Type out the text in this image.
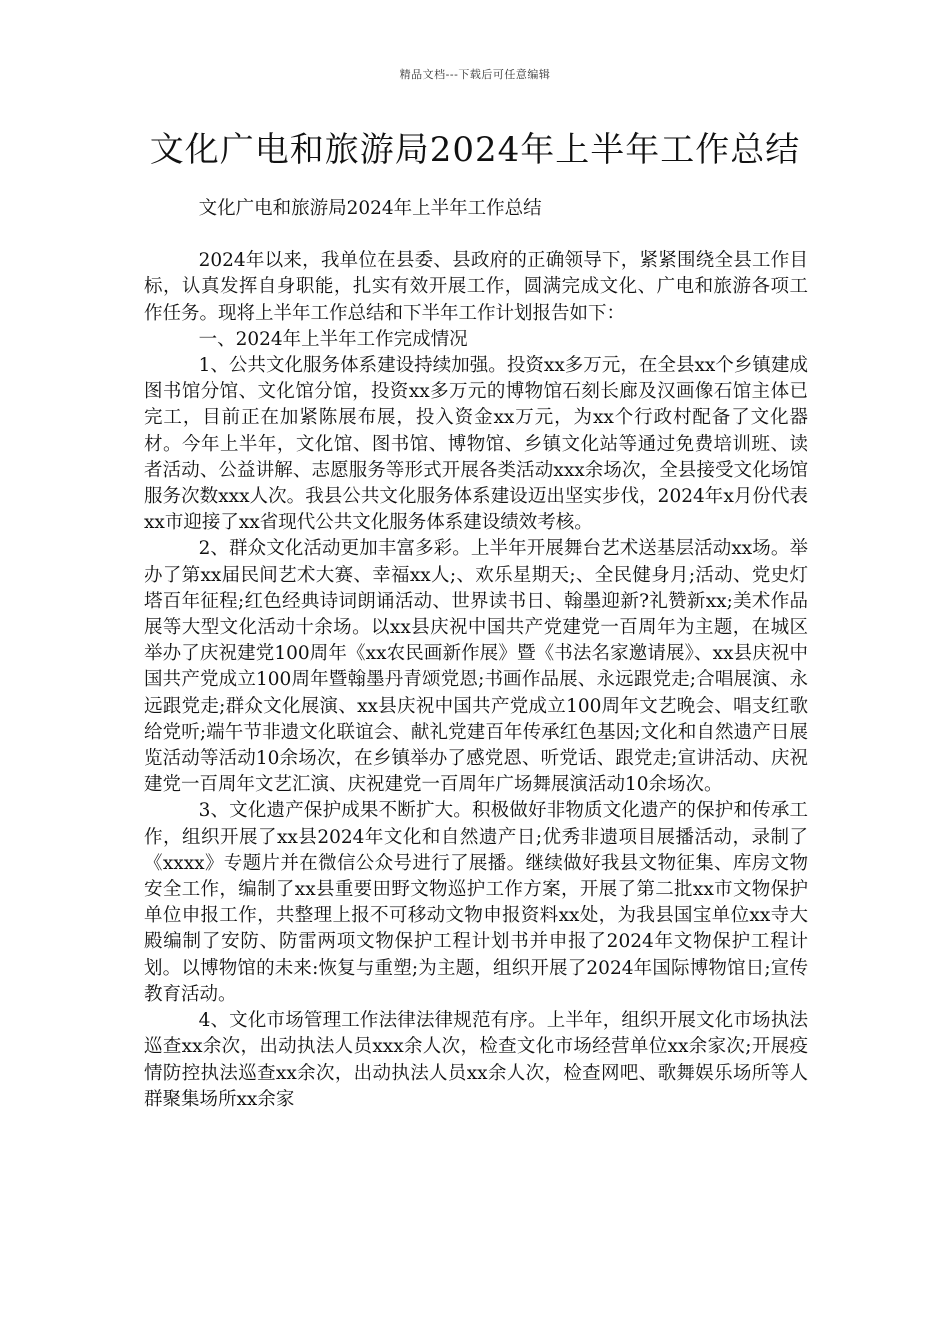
精品文档---下载后可任意编辑
文化广电和旅游局2024年上半年工作总结

文化广电和旅游局2024年上半年工作总结

2024年以来，我单位在县委、县政府的正确领导下，紧紧围绕全县工作目标，认真发挥自身职能，扎实有效开展工作，圆满完成文化、广电和旅游各项工作任务。现将上半年工作总结和下半年工作计划报告如下：

一、2024年上半年工作完成情况

1、公共文化服务体系建设持续加强。投资xx多万元，在全县xx个乡镇建成图书馆分馆、文化馆分馆，投资xx多万元的博物馆石刻长廊及汉画像石馆主体已完工，目前正在加紧陈展布展，投入资金xx万元，为xx个行政村配备了文化器材。今年上半年，文化馆、图书馆、博物馆、乡镇文化站等通过免费培训班、读者活动、公益讲解、志愿服务等形式开展各类活动xxx余场次，全县接受文化场馆服务次数xxx人次。我县公共文化服务体系建设迈出坚实步伐，2024年x月份代表xx市迎接了xx省现代公共文化服务体系建设绩效考核。

2、群众文化活动更加丰富多彩。上半年开展舞台艺术送基层活动xx场。举办了第xx届民间艺术大赛、幸福xx人;、欢乐星期天;、全民健身月;活动、党史灯塔百年征程;红色经典诗词朗诵活动、世界读书日、翰墨迎新?礼赞新xx;美术作品展等大型文化活动十余场。以xx县庆祝中国共产党建党一百周年为主题，在城区举办了庆祝建党100周年《xx农民画新作展》暨《书法名家邀请展》、xx县庆祝中国共产党成立100周年暨翰墨丹青颂党恩;书画作品展、永远跟党走;合唱展演、永远跟党走;群众文化展演、xx县庆祝中国共产党成立100周年文艺晚会、唱支红歌给党听;端午节非遗文化联谊会、献礼党建百年传承红色基因;文化和自然遗产日展览活动等活动10余场次，在乡镇举办了感党恩、听党话、跟党走;宣讲活动、庆祝建党一百周年文艺汇演、庆祝建党一百周年广场舞展演活动10余场次。

3、文化遗产保护成果不断扩大。积极做好非物质文化遗产的保护和传承工作，组织开展了xx县2024年文化和自然遗产日;优秀非遗项目展播活动，录制了《xxxx》专题片并在微信公众号进行了展播。继续做好我县文物征集、库房文物安全工作，编制了xx县重要田野文物巡护工作方案，开展了第二批xx市文物保护单位申报工作，共整理上报不可移动文物申报资料xx处，为我县国宝单位xx寺大殿编制了安防、防雷两项文物保护工程计划书并申报了2024年文物保护工程计划。以博物馆的未来:恢复与重塑;为主题，组织开展了2024年国际博物馆日;宣传教育活动。

4、文化市场管理工作法律法律规范有序。上半年，组织开展文化市场执法巡查xx余次，出动执法人员xxx余人次，检查文化市场经营单位xx余家次;开展疫情防控执法巡查xx余次，出动执法人员xx余人次，检查网吧、歌舞娱乐场所等人群聚集场所xx余家
